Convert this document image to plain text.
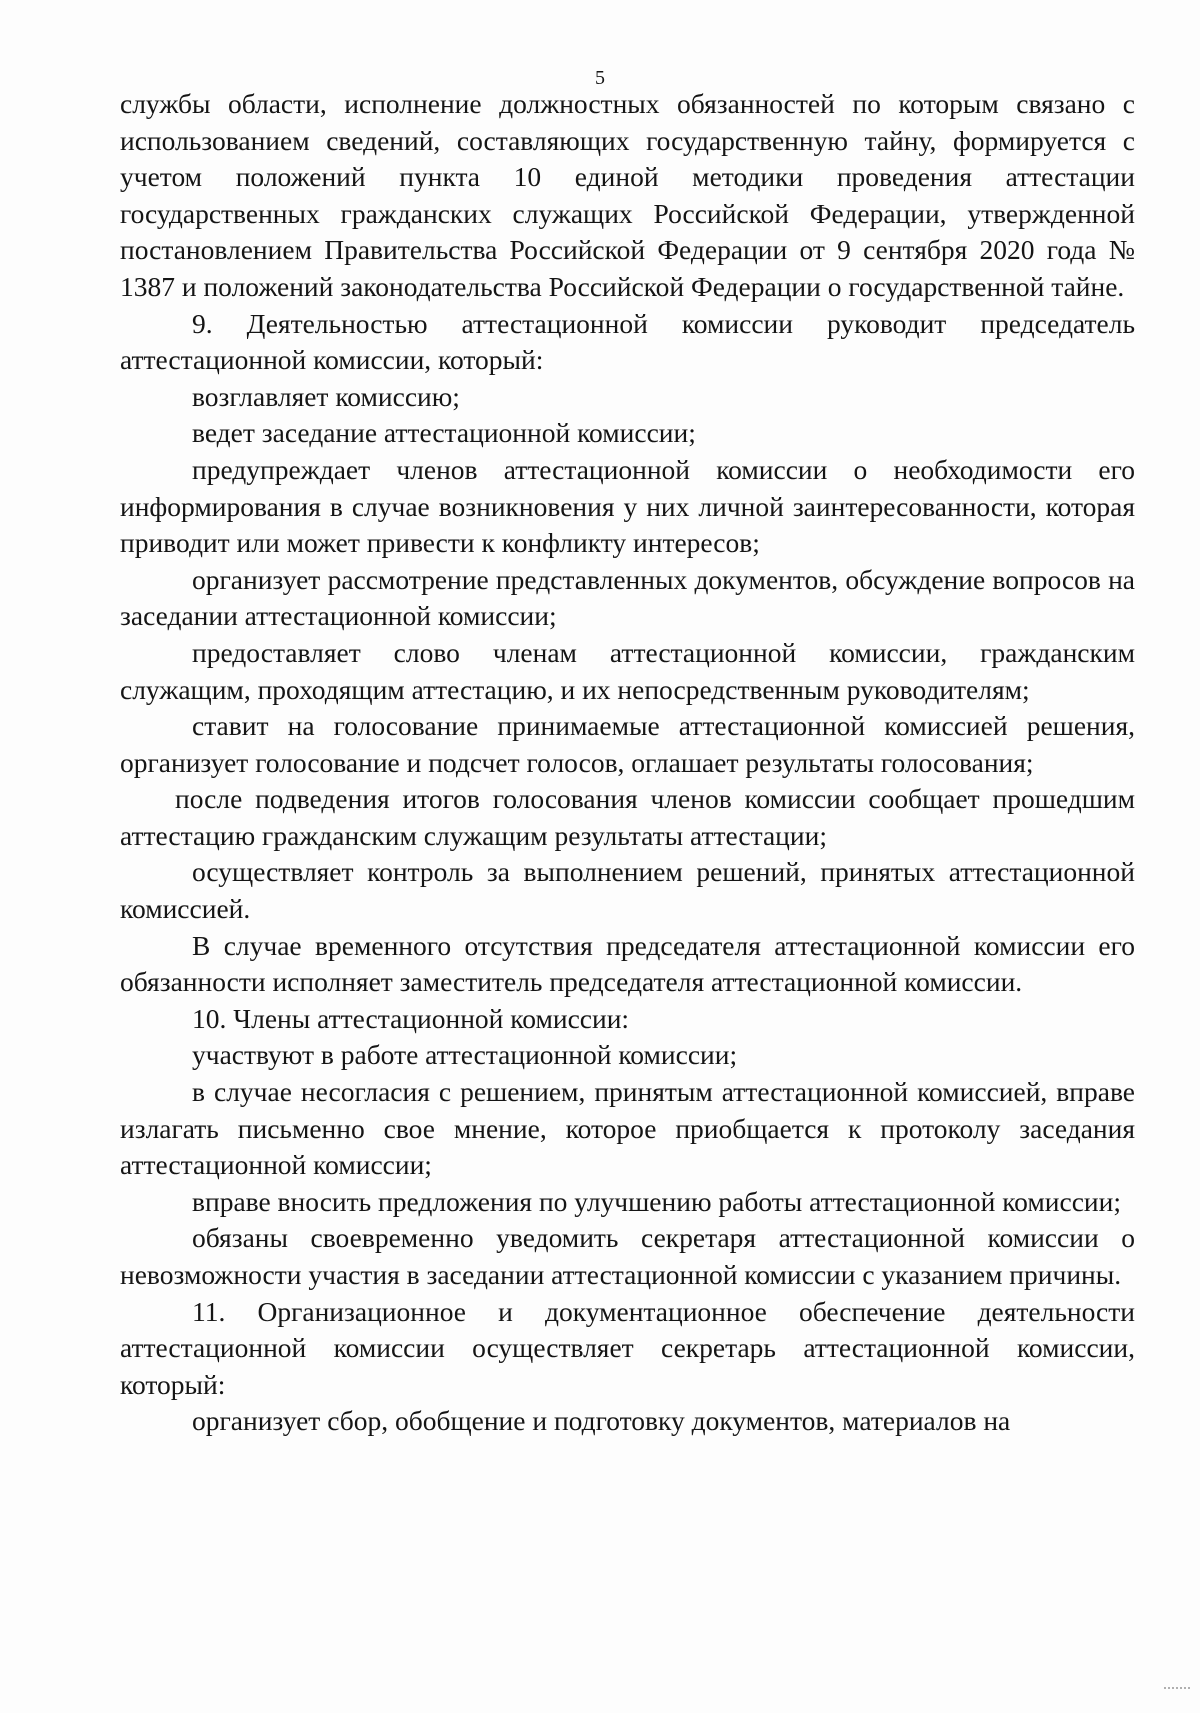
5

службы области, исполнение должностных обязанностей по которым связано с использованием сведений, составляющих государственную тайну, формируется с учетом положений пункта 10 единой методики проведения аттестации государственных гражданских служащих Российской Федерации, утвержденной постановлением Правительства Российской Федерации от 9 сентября 2020 года № 1387 и положений законодательства Российской Федерации о государственной тайне.

9. Деятельностью аттестационной комиссии руководит председатель аттестационной комиссии, который:

возглавляет комиссию;

ведет заседание аттестационной комиссии;

предупреждает членов аттестационной комиссии о необходимости его информирования в случае возникновения у них личной заинтересованности, которая приводит или может привести к конфликту интересов;

организует рассмотрение представленных документов, обсуждение вопросов на заседании аттестационной комиссии;

предоставляет слово членам аттестационной комиссии, гражданским служащим, проходящим аттестацию, и их непосредственным руководителям;

ставит на голосование принимаемые аттестационной комиссией решения, организует голосование и подсчет голосов, оглашает результаты голосования;

после подведения итогов голосования членов комиссии сообщает прошедшим аттестацию гражданским служащим результаты аттестации;

осуществляет контроль за выполнением решений, принятых аттестационной комиссией.

В случае временного отсутствия председателя аттестационной комиссии его обязанности исполняет заместитель председателя аттестационной комиссии.

10. Члены аттестационной комиссии:

участвуют в работе аттестационной комиссии;

в случае несогласия с решением, принятым аттестационной комиссией, вправе излагать письменно свое мнение, которое приобщается к протоколу заседания аттестационной комиссии;

вправе вносить предложения по улучшению работы аттестационной комиссии;

обязаны своевременно уведомить секретаря аттестационной комиссии о невозможности участия в заседании аттестационной комиссии с указанием причины.

11. Организационное и документационное обеспечение деятельности аттестационной комиссии осуществляет секретарь аттестационной комиссии, который:

организует сбор, обобщение и подготовку документов, материалов на
